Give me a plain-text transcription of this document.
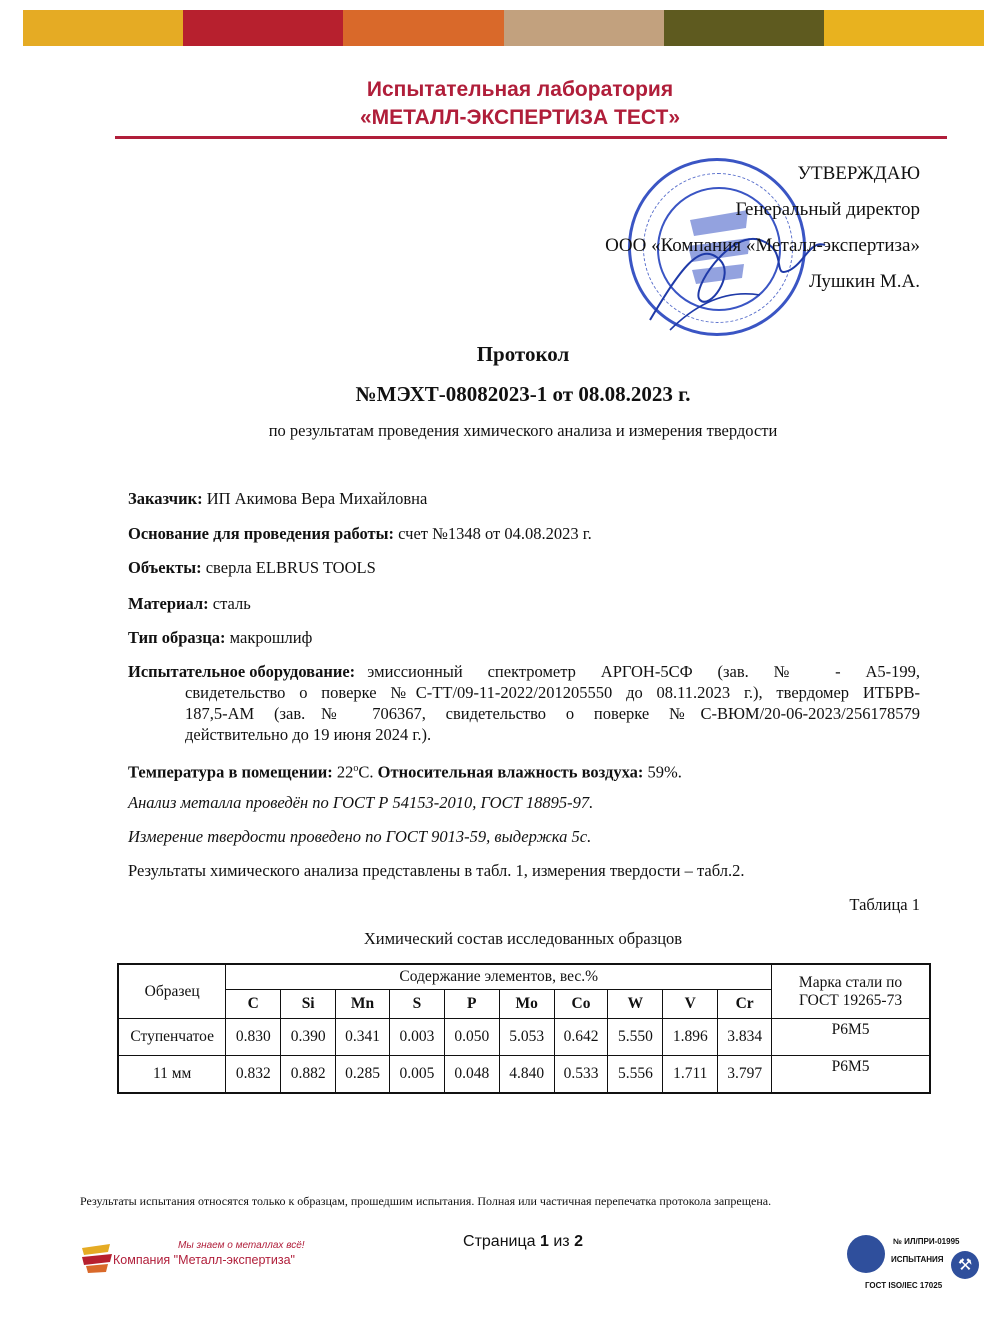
Испытательная лаборатория
«МЕТАЛЛ-ЭКСПЕРТИЗА ТЕСТ»
УТВЕРЖДАЮ
Генеральный директор
ООО «Компания «Металл-экспертиза»
Лушкин М.А.
Протокол
№МЭХТ-08082023-1 от 08.08.2023 г.
по результатам проведения химического анализа и измерения твердости
Заказчик: ИП Акимова Вера Михайловна
Основание для проведения работы: счет №1348 от 04.08.2023 г.
Объекты: сверла ELBRUS TOOLS
Материал: сталь
Тип образца: макрошлиф
Испытательное оборудование: эмиссионный спектрометр АРГОН-5СФ (зав. № - А5-199,
свидетельство о поверке №С-ТТ/09-11-2022/201205550 до 08.11.2023 г.), твердомер ИТБРВ-
187,5-АМ (зав.№ 706367, свидетельство о поверке №С-ВЮМ/20-06-2023/256178579
действительно до 19 июня 2024 г.).
Температура в помещении: $22^оС$. Относительная влажность воздуха: 59%.
Анализ металла проведён по ГОСТ Р 54153-2010, ГОСТ 18895-97.
Измерение твердости проведено по ГОСТ 9013-59, выдержка 5с.
Результаты химического анализа представлены в табл. 1, измерения твердости – табл.2.
Таблица 1
Химический состав исследованных образцов
Образец	Содержание элементов, вес.%										Марка стали по
ГОСТ 19265-73

	C	Si	Mn	S	P	Mo	Co	W	V	Cr	
Ступенчатое	0.830	0.390	0.341	0.003	0.050	5.053	0.642	5.550	1.896	3.834	Р6М5
11 мм	0.832	0.882	0.285	0.005	0.048	4.840	0.533	5.556	1.711	3.797	Р6М5
Результаты испытания относятся только к образцам, прошедшим испытания. Полная или частичная перепечатка протокола запрещена.
Страница 1 из 2
Мы знаем о металлах всё!
Компания "Металл-экспертиза"
№ ИЛ/ПРИ-01995
ИСПЫТАНИЯ ⚒
ГОСТ ISO/IEC 17025
